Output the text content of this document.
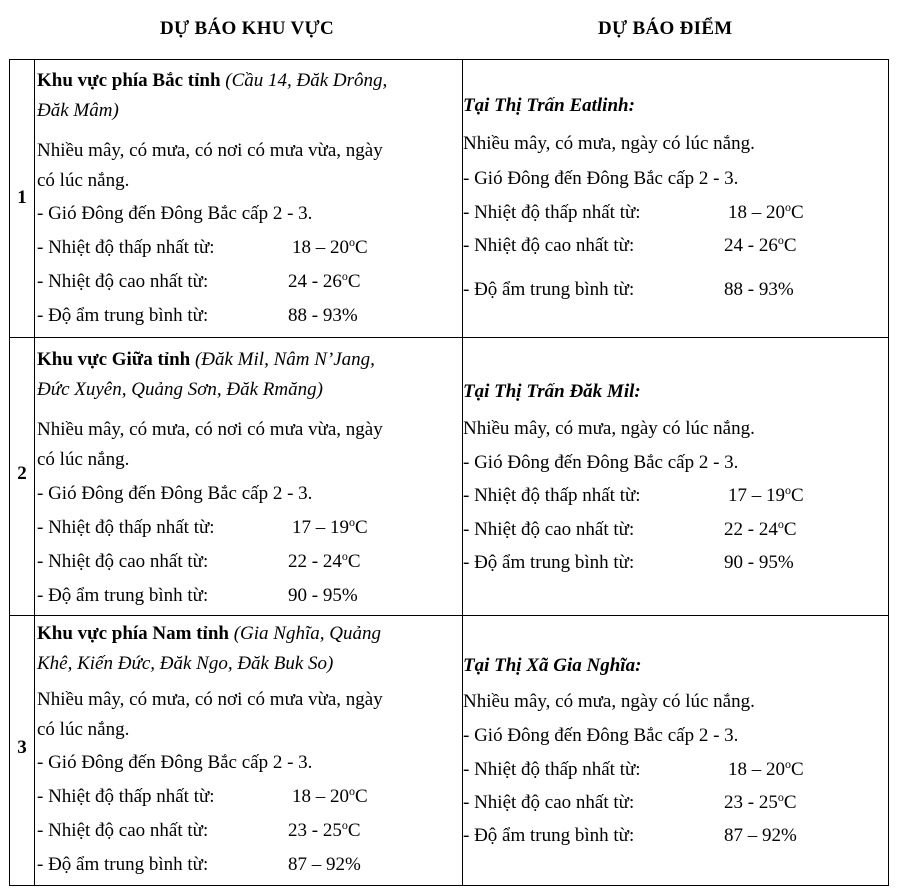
DỰ BÁO KHU VỰC	DỰ BÁO ĐIỂM
1
Khu vực phía Bắc tỉnh (Cầu 14, Đăk Drông,
Đăk Mâm)
Nhiều mây, có mưa, có nơi có mưa vừa, ngày
có lúc nắng.
- Gió Đông đến Đông Bắc cấp 2 - 3.
- Nhiệt độ thấp nhất từ:	18 – 20$^o$C
- Nhiệt độ cao nhất từ:	24 - 26$^o$C
- Độ ẩm trung bình từ:	88 - 93%
Tại Thị Trấn Eatlinh:
Nhiều mây, có mưa, ngày có lúc nắng.
- Gió Đông đến Đông Bắc cấp 2 - 3.
- Nhiệt độ thấp nhất từ:	18 – 20$^o$C
- Nhiệt độ cao nhất từ:	24 - 26$^o$C
- Độ ẩm trung bình từ:	88 - 93%
2
Khu vực Giữa tỉnh (Đăk Mil, Nâm N’Jang,
Đức Xuyên, Quảng Sơn, Đăk Rmăng)
Nhiều mây, có mưa, có nơi có mưa vừa, ngày
có lúc nắng.
- Gió Đông đến Đông Bắc cấp 2 - 3.
- Nhiệt độ thấp nhất từ:	17 – 19$^o$C
- Nhiệt độ cao nhất từ:	22 - 24$^o$C
- Độ ẩm trung bình từ:	90 - 95%
Tại Thị Trấn Đăk Mil:
Nhiều mây, có mưa, ngày có lúc nắng.
- Gió Đông đến Đông Bắc cấp 2 - 3.
- Nhiệt độ thấp nhất từ:	17 – 19$^o$C
- Nhiệt độ cao nhất từ:	22 - 24$^o$C
- Độ ẩm trung bình từ:	90 - 95%
3
Khu vực phía Nam tỉnh (Gia Nghĩa, Quảng
Khê, Kiến Đức, Đăk Ngo, Đăk Buk So)
Nhiều mây, có mưa, có nơi có mưa vừa, ngày
có lúc nắng.
- Gió Đông đến Đông Bắc cấp 2 - 3.
- Nhiệt độ thấp nhất từ:	18 – 20$^o$C
- Nhiệt độ cao nhất từ:	23 - 25$^o$C
- Độ ẩm trung bình từ:	87 – 92%
Tại Thị Xã Gia Nghĩa:
Nhiều mây, có mưa, ngày có lúc nắng.
- Gió Đông đến Đông Bắc cấp 2 - 3.
- Nhiệt độ thấp nhất từ:	18 – 20$^o$C
- Nhiệt độ cao nhất từ:	23 - 25$^o$C
- Độ ẩm trung bình từ:	87 – 92%
